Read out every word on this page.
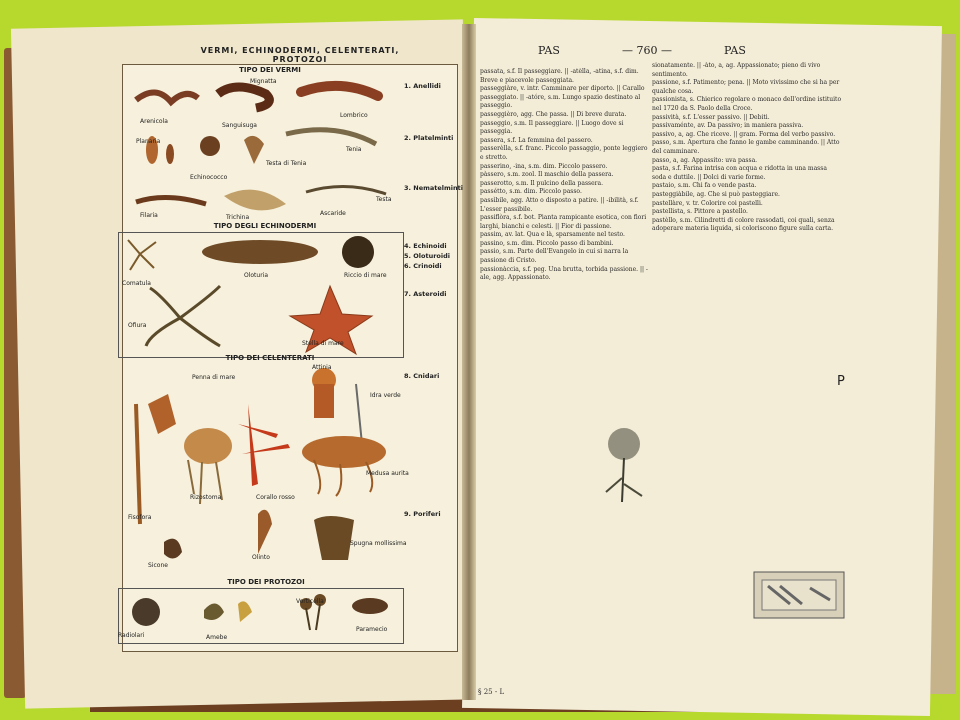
VERMI, ECHINODERMI, CELENTERATI, PROTOZOI
TIPO DEI VERMI
Mignatta
Arenicola
Sanguisuga
Lombrico
Planaria
Testa di Tenia
Tenia
Echinococco
Filaria	Trichina
Ascaride
Testa
1. Anellidi
2. Platelminti
3. Nematelminti
TIPO DEGLI ECHINODERMI
Comatula
Oloturia	Riccio di mare
Ofiura
Stella di mare
4. Echinoidi
5. Oloturoidi
6. Crinoidi
7. Asteroidi
TIPO DEI CELENTERATI
Penna di mare
Attinia
Idra verde
Fisofora
Rizostoma	Corallo rosso
Medusa aurita
Sicone
Olinto
Spugna mollissima
8. Cnidari
9. Poriferi
TIPO DEI PROTOZOI
Vorticella
Radiolari	Amebe
Paramecio
PAS	— 760 —	PAS

passata, s.f. Il passeggiare. || -atèlla, -atina, s.f. dim. Breve e piacevole passeggiata.

passeggiàre, v. intr. Camminare per diporto. || Carallo passeggiato. || -atóre, s.m. Lungo spazio destinato al passeggio.

passeggièro, agg. Che passa. || Di breve durata.

passeggio, s.m. Il passeggiare. || Luogo dove si passeggia.

passera, s.f. La femmina del passero.

passerèlla, s.f. franc. Piccolo passaggio, ponte leggiero e stretto.

passerino, -ina, s.m. dim. Piccolo passero.

pàssero, s.m. zool. Il maschio della passera.

passerotto, s.m. Il pulcino della passera.

passétto, s.m. dim. Piccolo passo.

passìbile, agg. Atto o disposto a patire. || -ibilità, s.f. L'esser passibile.

passiflòra, s.f. bot. Pianta rampicante esotica, con fiori larghi, bianchi e celesti. || Fior di passione.

passim, av. lat. Qua e là, sparsamente nel testo.

passino, s.m. dim. Piccolo passo di bambini.

passio, s.m. Parte dell'Evangelo in cui si narra la passione di Cristo.

passionàccia, s.f. peg. Una brutta, torbida passione. || -ale, agg. Appassionato.

sionatamente. || -àto, a, ag. Appassionato; pieno di vivo sentimento.

passione, s.f. Patimento; pena. || Moto vivissimo che si ha per qualche cosa.

passionista, s. Chierico regolare o monaco dell'ordine istituito nel 1720 da S. Paolo della Croce.

passività, s.f. L'esser passivo. || Debiti.

passivaménte, av. Da passivo; in maniera passiva.

passivo, a, ag. Che riceve. || gram. Forma del verbo passivo.

passo, s.m. Apertura che fanno le gambe camminando. || Atto del camminare.

passo, a, ag. Appassito: uva passa.

pasta, s.f. Farina intrisa con acqua e ridotta in una massa soda e duttile. || Dolci di varie forme.

pastaio, s.m. Chi fa o vende pasta.

pasteggiàbile, ag. Che si può pasteggiare.

pastellàre, v. tr. Colorire coi pastelli.

pastellista, s. Pittore a pastello.

pastèllo, s.m. Cilindretti di colore rassodati, coi quali, senza adoperare materia liquida, si coloriscono figure sulla carta.

P
§ 25 - L
